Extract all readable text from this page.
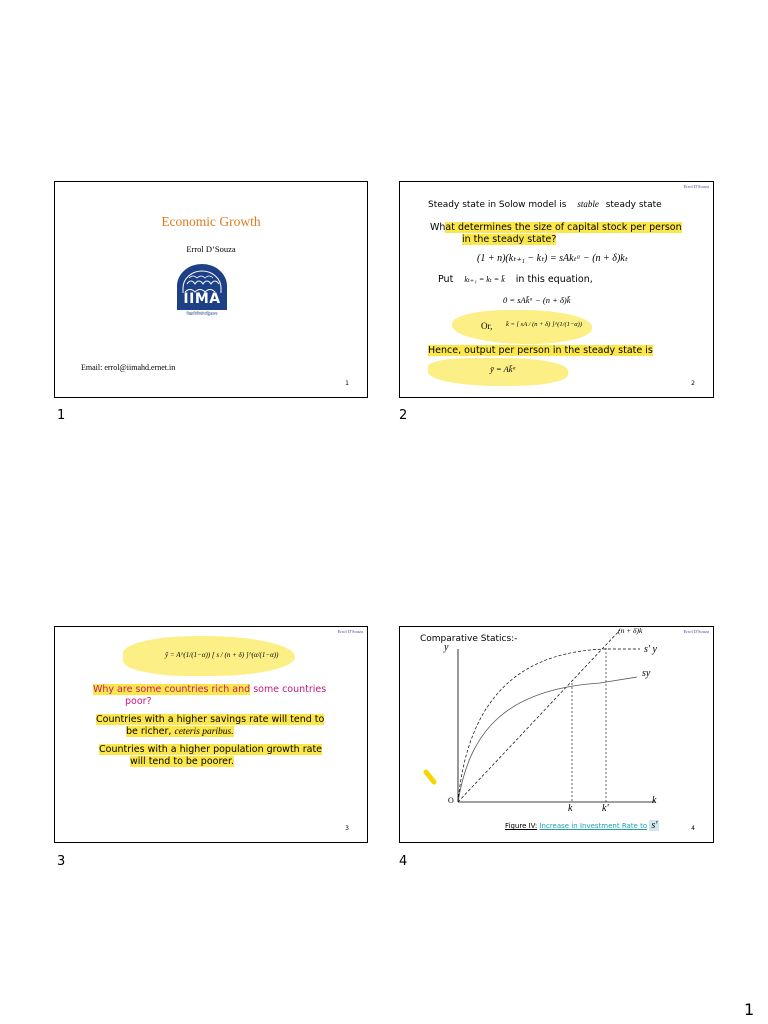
Economic Growth
Errol D’Souza
IIMA
विद्याविनियोगाद्विकासः
Email: errol@iimahd.ernet.in
1
1
Errol D'Souza
Steady state in Solow model is stable steady state
What determines the size of capital stock per person
in the steady state?
(1 + n)(kₜ₊₁ − kₜ) = sAkₜᵅ − (n + δ)kₜ
Put kₜ₊₁ = kₜ = k̄ in this equation,
0 = sAk̄ᵅ − (n + δ)k̄
Or, k̄ = [ sA / (n + δ) ]^(1/(1−α))
Hence, output per person in the steady state is
ȳ = Ak̄ᵅ
2
2
Errol D'Souza
ȳ = A^(1/(1−α)) [ s / (n + δ) ]^(α/(1−α))
Why are some countries rich and some countries
poor?
Countries with a higher savings rate will tend to
be richer, ceteris paribus.
Countries with a higher population growth rate
will tend to be poorer.
3
3
Errol D'Souza
Comparative Statics:-
y
k
O
(n + δ)k
s' y
sy
k	k'
Figure IV: Increase in Investment Rate to s'	4
4
1
